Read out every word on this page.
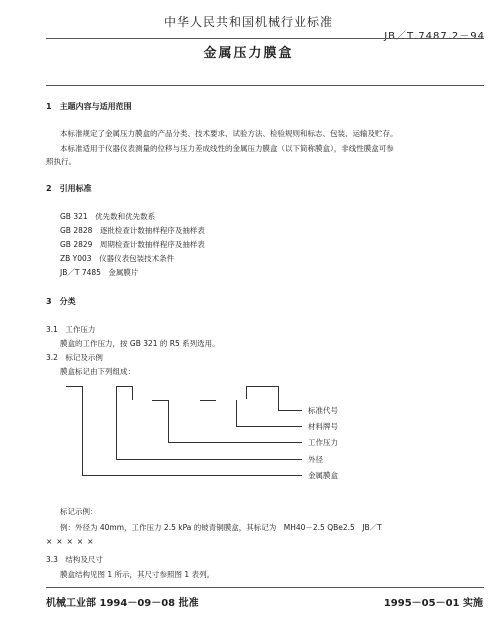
中华人民共和国机械行业标准
JB／T 7487.2－94
金属压力膜盒
1　主题内容与适用范围
本标准规定了金属压力膜盒的产品分类、技术要求、试验方法、检验规则和标志、包装、运输及贮存。
本标准适用于仪器仪表测量的位移与压力差成线性的金属压力膜盒（以下简称膜盒），非线性膜盒可参
照执行。
2　引用标准
GB 321　优先数和优先数系
GB 2828　逐批检查计数抽样程序及抽样表
GB 2829　周期检查计数抽样程序及抽样表
ZB Y003　仪器仪表包装技术条件
JB／T 7485　金属膜片
3　分类
3.1　工作压力
膜盒的工作压力，按 GB 321 的 R5 系列选用。
3.2　标记及示例
膜盒标记由下列组成：
标准代号
材料牌号
工作压力
外径
金属膜盒
标记示例：
例：外径为 40mm，工作压力 2.5 kPa 的铍青铜膜盒，其标记为　MH40－2.5 QBe2.5　JB／T
×××××
3.3　结构及尺寸
膜盒结构见图 1 所示，其尺寸参照图 1 表列。
机械工业部 1994－09－08 批准	1995－05－01 实施
